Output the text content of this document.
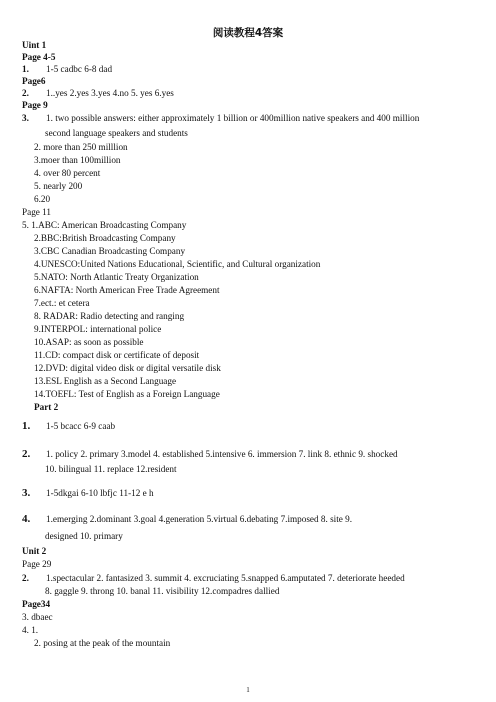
阅读教程4答案
Uint 1
Page 4-5
1. 1-5 cadbc 6-8 dad
Page6
2. 1..yes 2.yes 3.yes 4.no 5. yes 6.yes
Page 9
3. 1. two possible answers: either approximately 1 billion or 400million native speakers and 400 million
second language speakers and students
2. more than 250 milllion
3.moer than 100million
4. over 80 percent
5. nearly 200
6.20
Page 11
5. 1.ABC: American Broadcasting Company
2.BBC:British Broadcasting Company
3.CBC Canadian Broadcasting Company
4.UNESCO:United Nations Educational, Scientific, and Cultural organization
5.NATO: North Atlantic Treaty Organization
6.NAFTA: North American Free Trade Agreement
7.ect.: et cetera
8. RADAR: Radio detecting and ranging
9.INTERPOL: international police
10.ASAP: as soon as possible
11.CD: compact disk or certificate of deposit
12.DVD: digital video disk or digital versatile disk
13.ESL English as a Second Language
14.TOEFL: Test of English as a Foreign Language
Part 2
1. 1-5 bcacc 6-9 caab
2. 1. policy 2. primary 3.model 4. established 5.intensive 6. immersion 7. link 8. ethnic 9. shocked
10. bilingual 11. replace 12.resident
3. 1-5dkgai 6-10 lbfjc 11-12 e h
4. 1.emerging 2.dominant 3.goal 4.generation 5.virtual 6.debating 7.imposed 8. site 9.
designed 10. primary
Unit 2
Page 29
2. 1.spectacular 2. fantasized 3. summit 4. excruciating 5.snapped 6.amputated 7. deteriorate heeded
8. gaggle 9. throng 10. banal 11. visibility 12.compadres dallied
Page34
3. dbaec
4. 1.
2. posing at the peak of the mountain
1
